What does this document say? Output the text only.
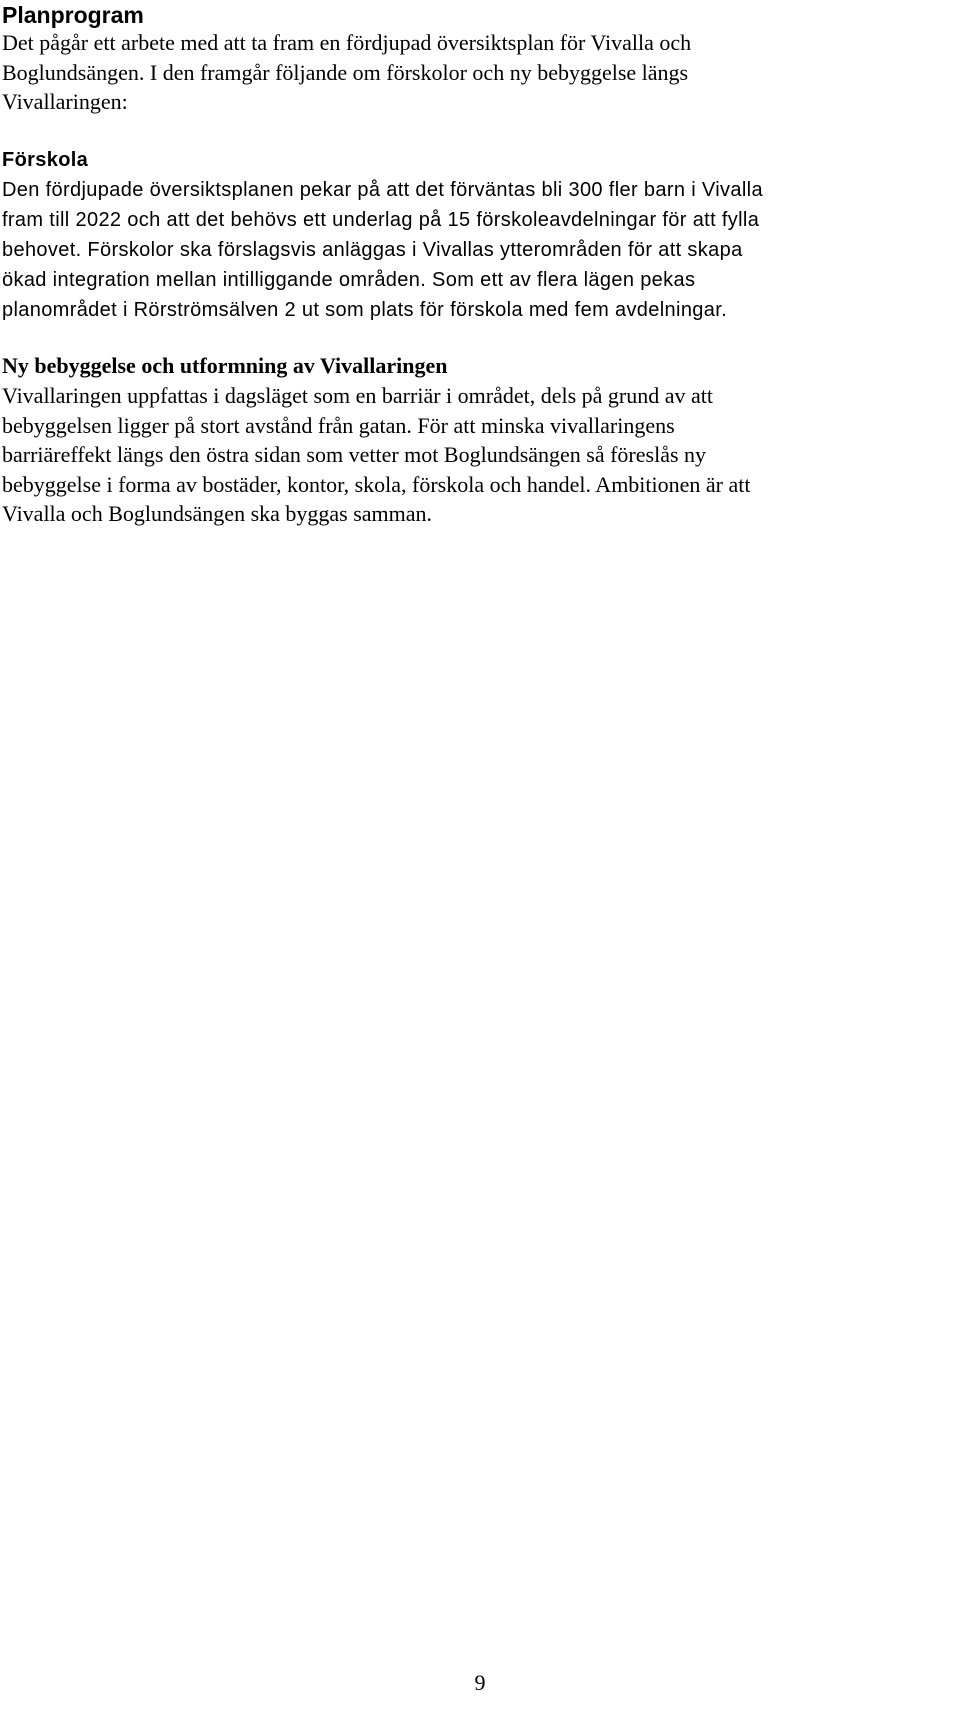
Planprogram

Det pågår ett arbete med att ta fram en fördjupad översiktsplan för Vivalla och
Boglundsängen. I den framgår följande om förskolor och ny bebyggelse längs
Vivallaringen:

Förskola
Den fördjupade översiktsplanen pekar på att det förväntas bli 300 fler barn i Vivalla
fram till 2022 och att det behövs ett underlag på 15 förskoleavdelningar för att fylla
behovet. Förskolor ska förslagsvis anläggas i Vivallas ytterområden för att skapa
ökad integration mellan intilliggande områden. Som ett av flera lägen pekas
planområdet i Rörströmsälven 2 ut som plats för förskola med fem avdelningar.
Ny bebyggelse och utformning av Vivallaringen

Vivallaringen uppfattas i dagsläget som en barriär i området, dels på grund av att
bebyggelsen ligger på stort avstånd från gatan. För att minska vivallaringens
barriäreffekt längs den östra sidan som vetter mot Boglundsängen så föreslås ny
bebyggelse i forma av bostäder, kontor, skola, förskola och handel. Ambitionen är att
Vivalla och Boglundsängen ska byggas samman.

9
